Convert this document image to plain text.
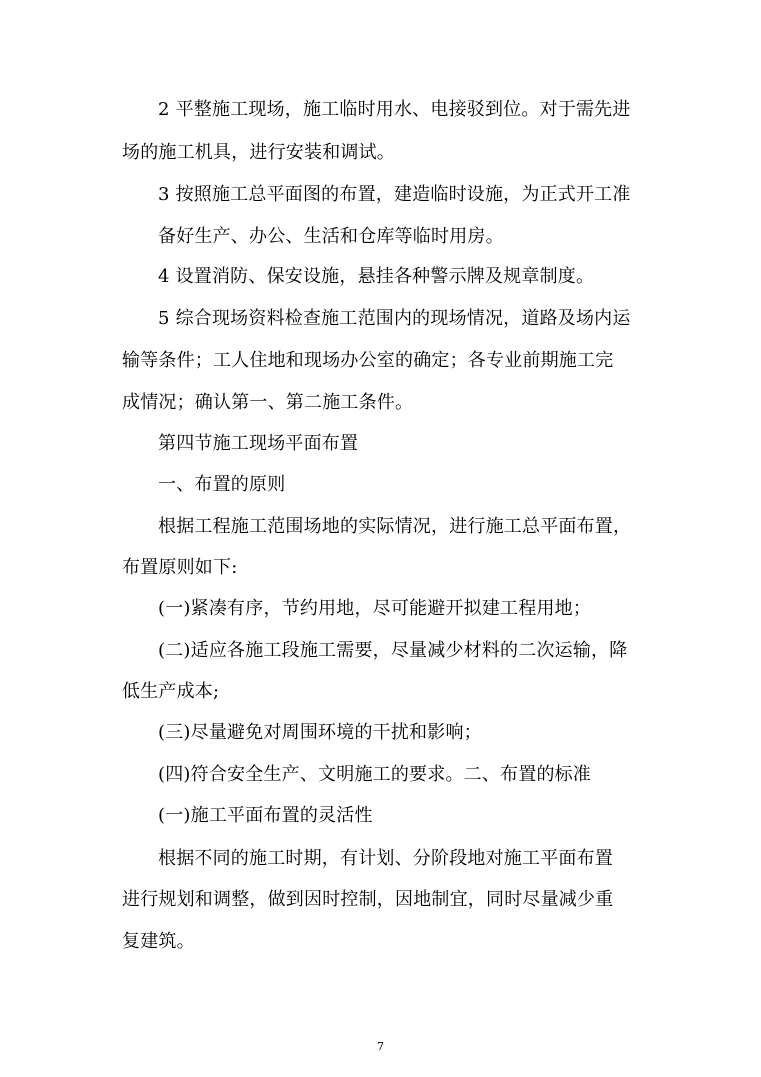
2 平整施工现场，施工临时用水、电接驳到位。对于需先进
场的施工机具，进行安装和调试。
3 按照施工总平面图的布置，建造临时设施，为正式开工准
备好生产、办公、生活和仓库等临时用房。
4 设置消防、保安设施，悬挂各种警示牌及规章制度。
5 综合现场资料检查施工范围内的现场情况，道路及场内运
输等条件；工人住地和现场办公室的确定；各专业前期施工完
成情况；确认第一、第二施工条件。
第四节施工现场平面布置
一、布置的原则
根据工程施工范围场地的实际情况，进行施工总平面布置，
布置原则如下:
(一)紧凑有序，节约用地，尽可能避开拟建工程用地；
(二)适应各施工段施工需要，尽量减少材料的二次运输，降
低生产成本;
(三)尽量避免对周围环境的干扰和影响；
(四)符合安全生产、文明施工的要求。二、布置的标准
(一)施工平面布置的灵活性
根据不同的施工时期，有计划、分阶段地对施工平面布置
进行规划和调整，做到因时控制，因地制宜，同时尽量减少重
复建筑。
7
